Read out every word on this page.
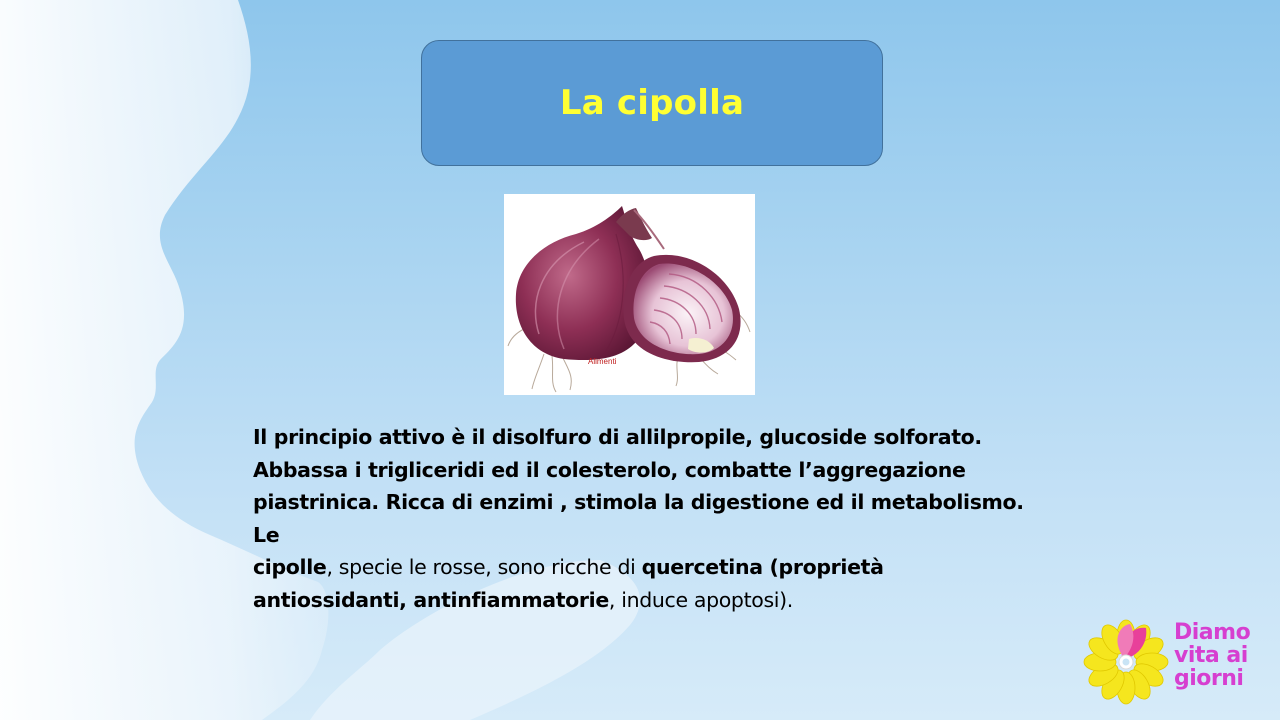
La cipolla
Alimenti
Il principio attivo è il disolfuro di allilpropile, glucoside solforato.
Abbassa i trigliceridi ed il colesterolo, combatte l’aggregazione
piastrinica. Ricca di enzimi , stimola la digestione ed il metabolismo. Le
cipolle, specie le rosse, sono ricche di quercetina (proprietà
antiossidanti, antinfiammatorie, induce apoptosi).
Diamo
vita ai
giorni
